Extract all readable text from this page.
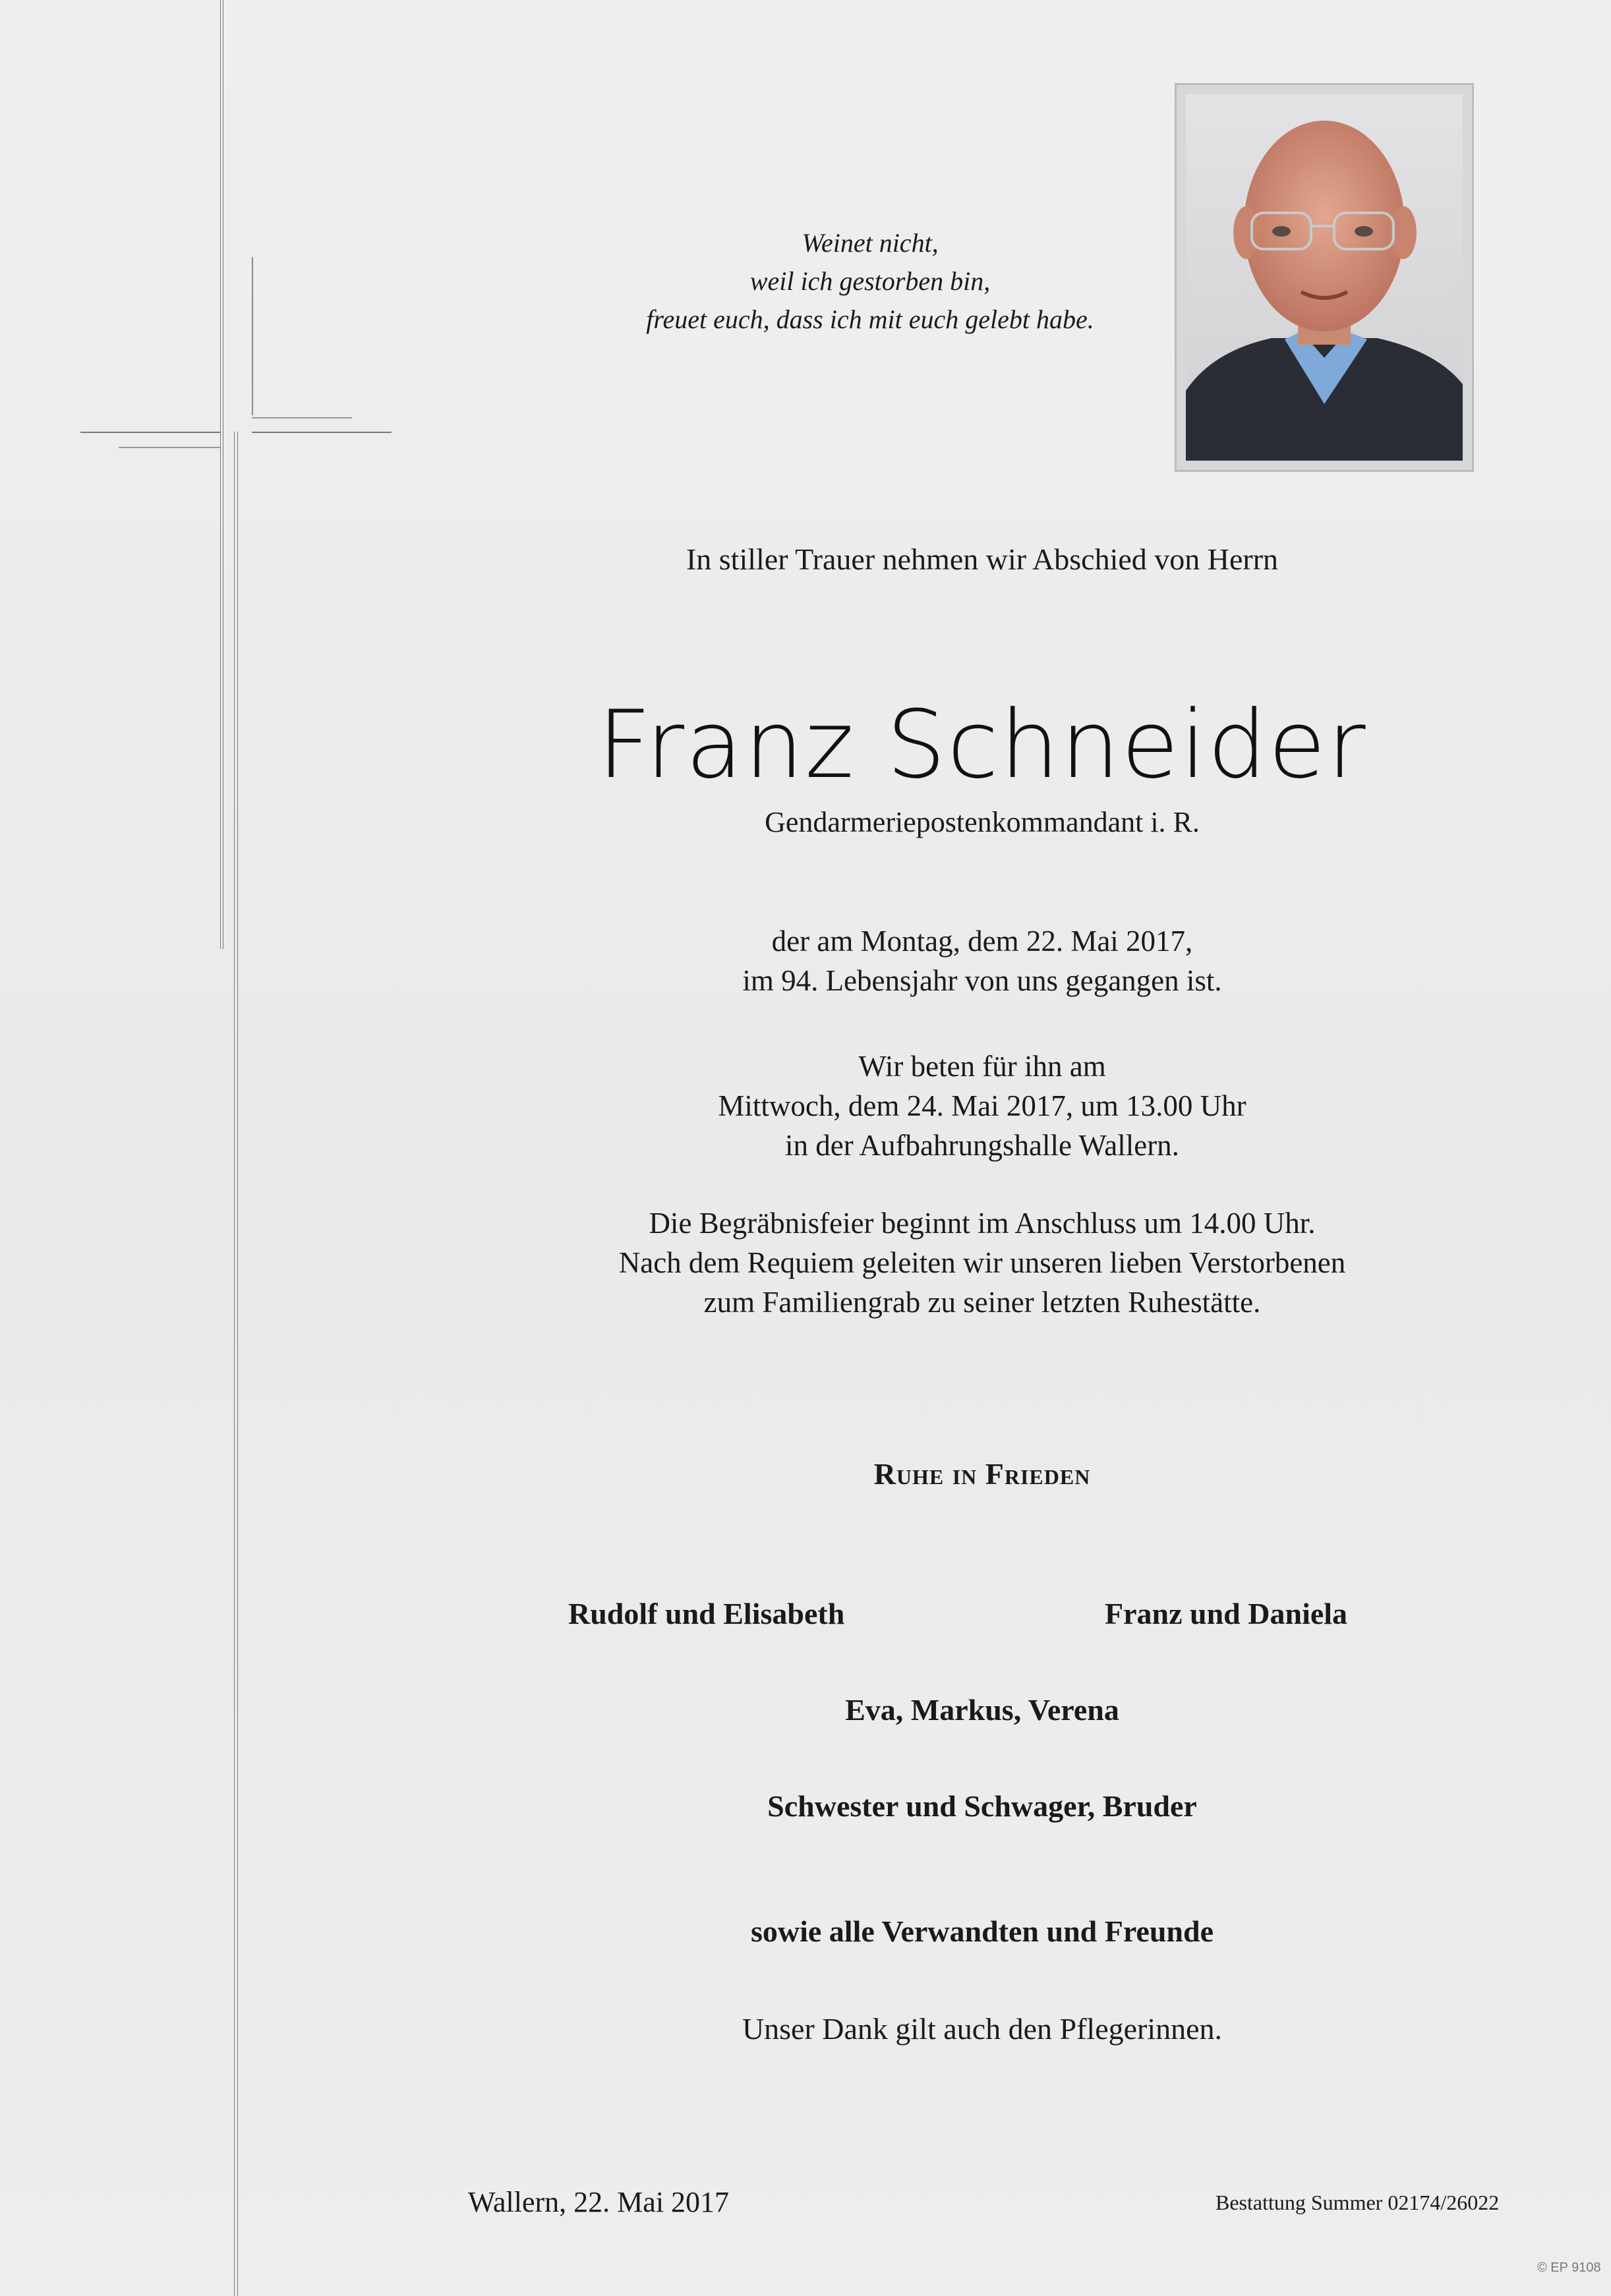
Weinet nicht,
weil ich gestorben bin,
freuet euch, dass ich mit euch gelebt habe.
In stiller Trauer nehmen wir Abschied von Herrn
Franz Schneider
Gendarmeriepostenkommandant i. R.
der am Montag, dem 22. Mai 2017,
im 94. Lebensjahr von uns gegangen ist.
Wir beten für ihn am
Mittwoch, dem 24. Mai 2017, um 13.00 Uhr
in der Aufbahrungshalle Wallern.
Die Begräbnisfeier beginnt im Anschluss um 14.00 Uhr.
Nach dem Requiem geleiten wir unseren lieben Verstorbenen
zum Familiengrab zu seiner letzten Ruhestätte.
Ruhe in Frieden
Rudolf und Elisabeth	Franz und Daniela
Eva, Markus, Verena
Schwester und Schwager, Bruder
sowie alle Verwandten und Freunde
Unser Dank gilt auch den Pflegerinnen.
Wallern, 22. Mai 2017	Bestattung Summer 02174/26022
© EP 9108
